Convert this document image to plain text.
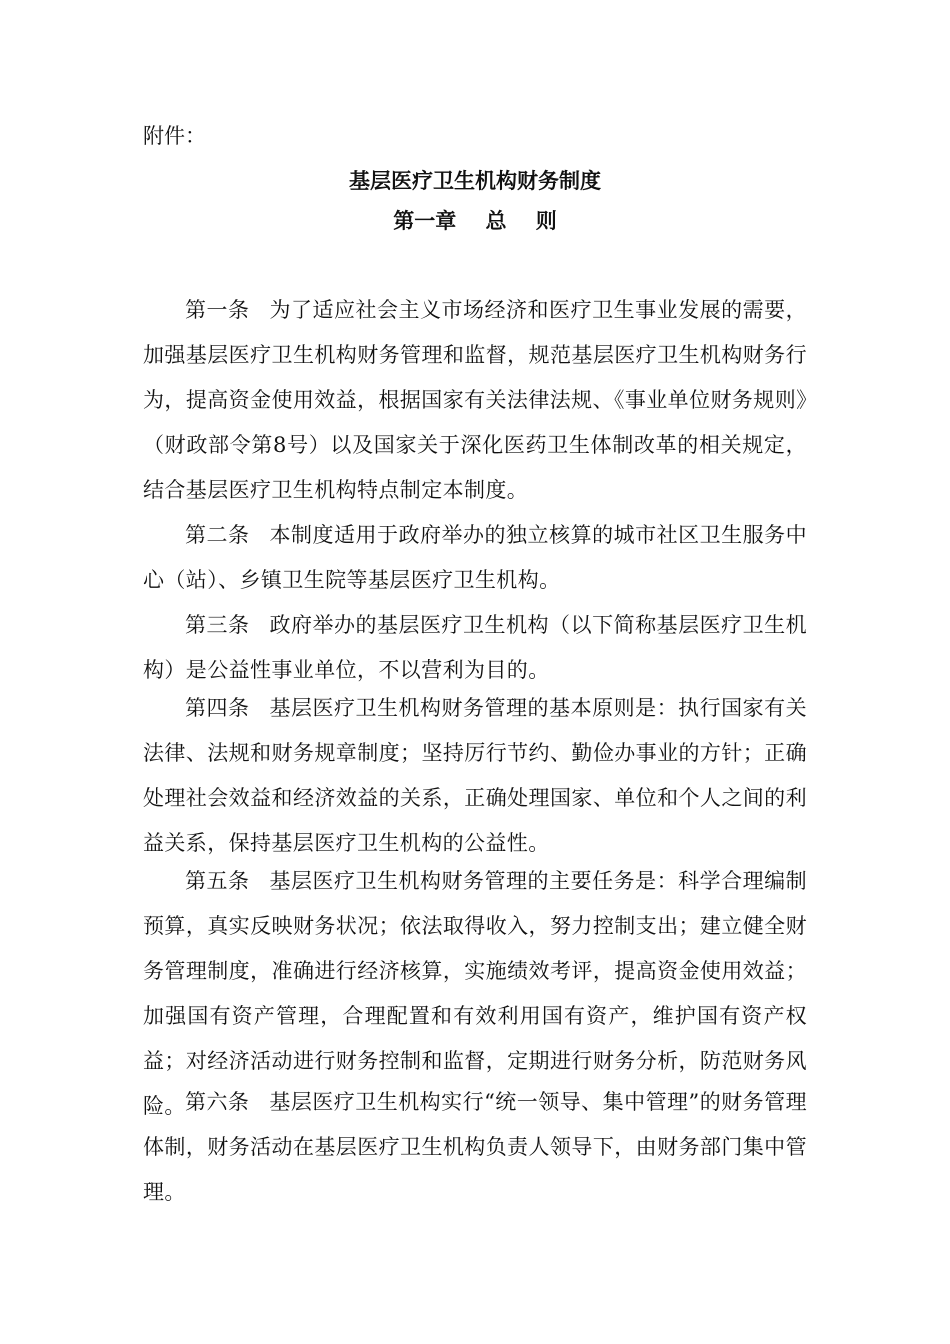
附件：

基层医疗卫生机构财务制度
第一章    总    则

第一条 为了适应社会主义市场经济和医疗卫生事业发展的需要，加强基层医疗卫生机构财务管理和监督，规范基层医疗卫生机构财务行为，提高资金使用效益，根据国家有关法律法规、《事业单位财务规则》（财政部令第8号）以及国家关于深化医药卫生体制改革的相关规定，结合基层医疗卫生机构特点制定本制度。

第二条 本制度适用于政府举办的独立核算的城市社区卫生服务中心（站）、乡镇卫生院等基层医疗卫生机构。

第三条 政府举办的基层医疗卫生机构（以下简称基层医疗卫生机构）是公益性事业单位，不以营利为目的。

第四条 基层医疗卫生机构财务管理的基本原则是：执行国家有关法律、法规和财务规章制度；坚持厉行节约、勤俭办事业的方针；正确处理社会效益和经济效益的关系，正确处理国家、单位和个人之间的利益关系，保持基层医疗卫生机构的公益性。

第五条 基层医疗卫生机构财务管理的主要任务是：科学合理编制预算，真实反映财务状况；依法取得收入，努力控制支出；建立健全财务管理制度，准确进行经济核算，实施绩效考评，提高资金使用效益；加强国有资产管理，合理配置和有效利用国有资产，维护国有资产权益；对经济活动进行财务控制和监督，定期进行财务分析，防范财务风险。 第六条 基层医疗卫生机构实行“统一领导、集中管理”的财务管理体制，财务活动在基层医疗卫生机构负责人领导下，由财务部门集中管理。
